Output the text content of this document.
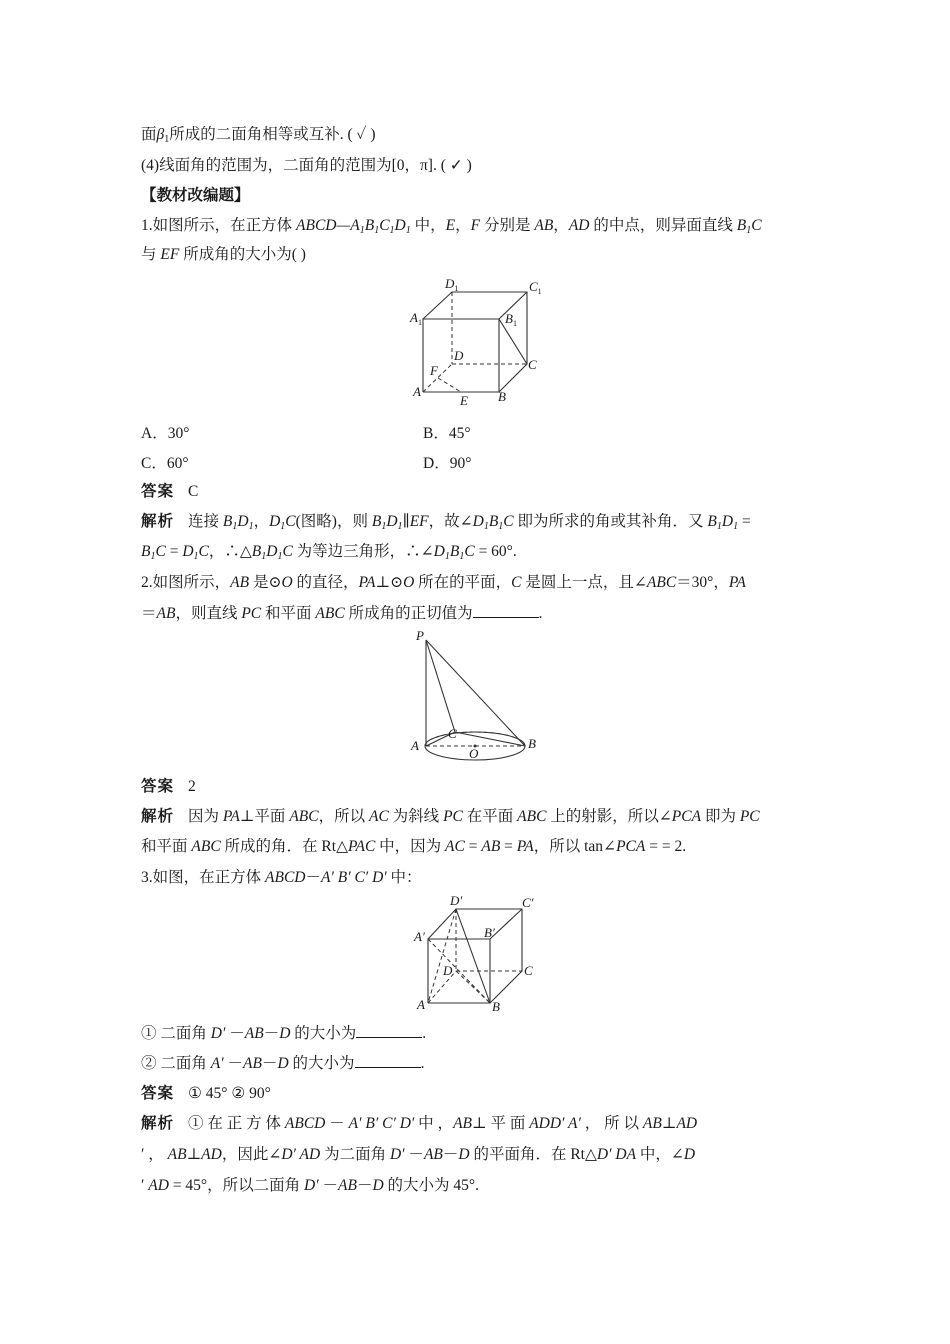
面$\beta_1$所成的二面角相等或互补. ( ✓ )
(4)线面角的范围为，二面角的范围为[0，π]. ( ✓ )
【教材改编题】
1.如图所示，在正方体 $ABCD—A_1B_1C_1D_1$ 中，E，F 分别是 AB，AD 的中点，则异面直线 $B_1C$
与 EF 所成角的大小为( )
$D_1$	$C_1$
$A_1$	$B_1$
D
C
F
A	B
E
A．30°	B．45°
C．60°	D．90°
答案 C
解析 连接 $B_1D_1$，$D_1C$(图略)，则 $B_1D_1\parallel EF$，故$\angle D_1B_1C$ 即为所求的角或其补角．又 $B_1D_1$ =
$B_1C = D_1C$，$\therefore\triangle B_1D_1C$ 为等边三角形，$\therefore\angle D_1B_1C = 60^\circ$.
2.如图所示，AB 是⊙O 的直径，PA⊥⊙O 所在的平面，C 是圆上一点，且∠ABC＝30°，PA
＝AB，则直线 PC 和平面 ABC 所成角的正切值为	.
P
A	B
C
O
答案 2
解析 因为 PA⊥平面 ABC，所以 AC 为斜线 PC 在平面 ABC 上的射影，所以∠PCA 即为 PC
和平面 ABC 所成的角．在 Rt△PAC 中，因为 AC = AB = PA，所以 tan∠PCA = = 2.
3.如图，在正方体 ABCD－A′ B′ C′ D′ 中：
D′	C′
A′	B′
D	C
A	B
① 二面角 D′ －AB－D 的大小为	.
② 二面角 A′ －AB－D 的大小为	.
答案 ① 45° ② 90°
解析 ① 在 正 方 体 ABCD － A′ B′ C′ D′ 中 ，AB⊥ 平 面 ADD′ A′ ， 所 以 AB⊥AD
′ ， AB⊥AD，因此∠D′ AD 为二面角 D′ －AB－D 的平面角．在 Rt△D′ DA 中，∠D
′ AD = 45°，所以二面角 D′ －AB－D 的大小为 45°.
